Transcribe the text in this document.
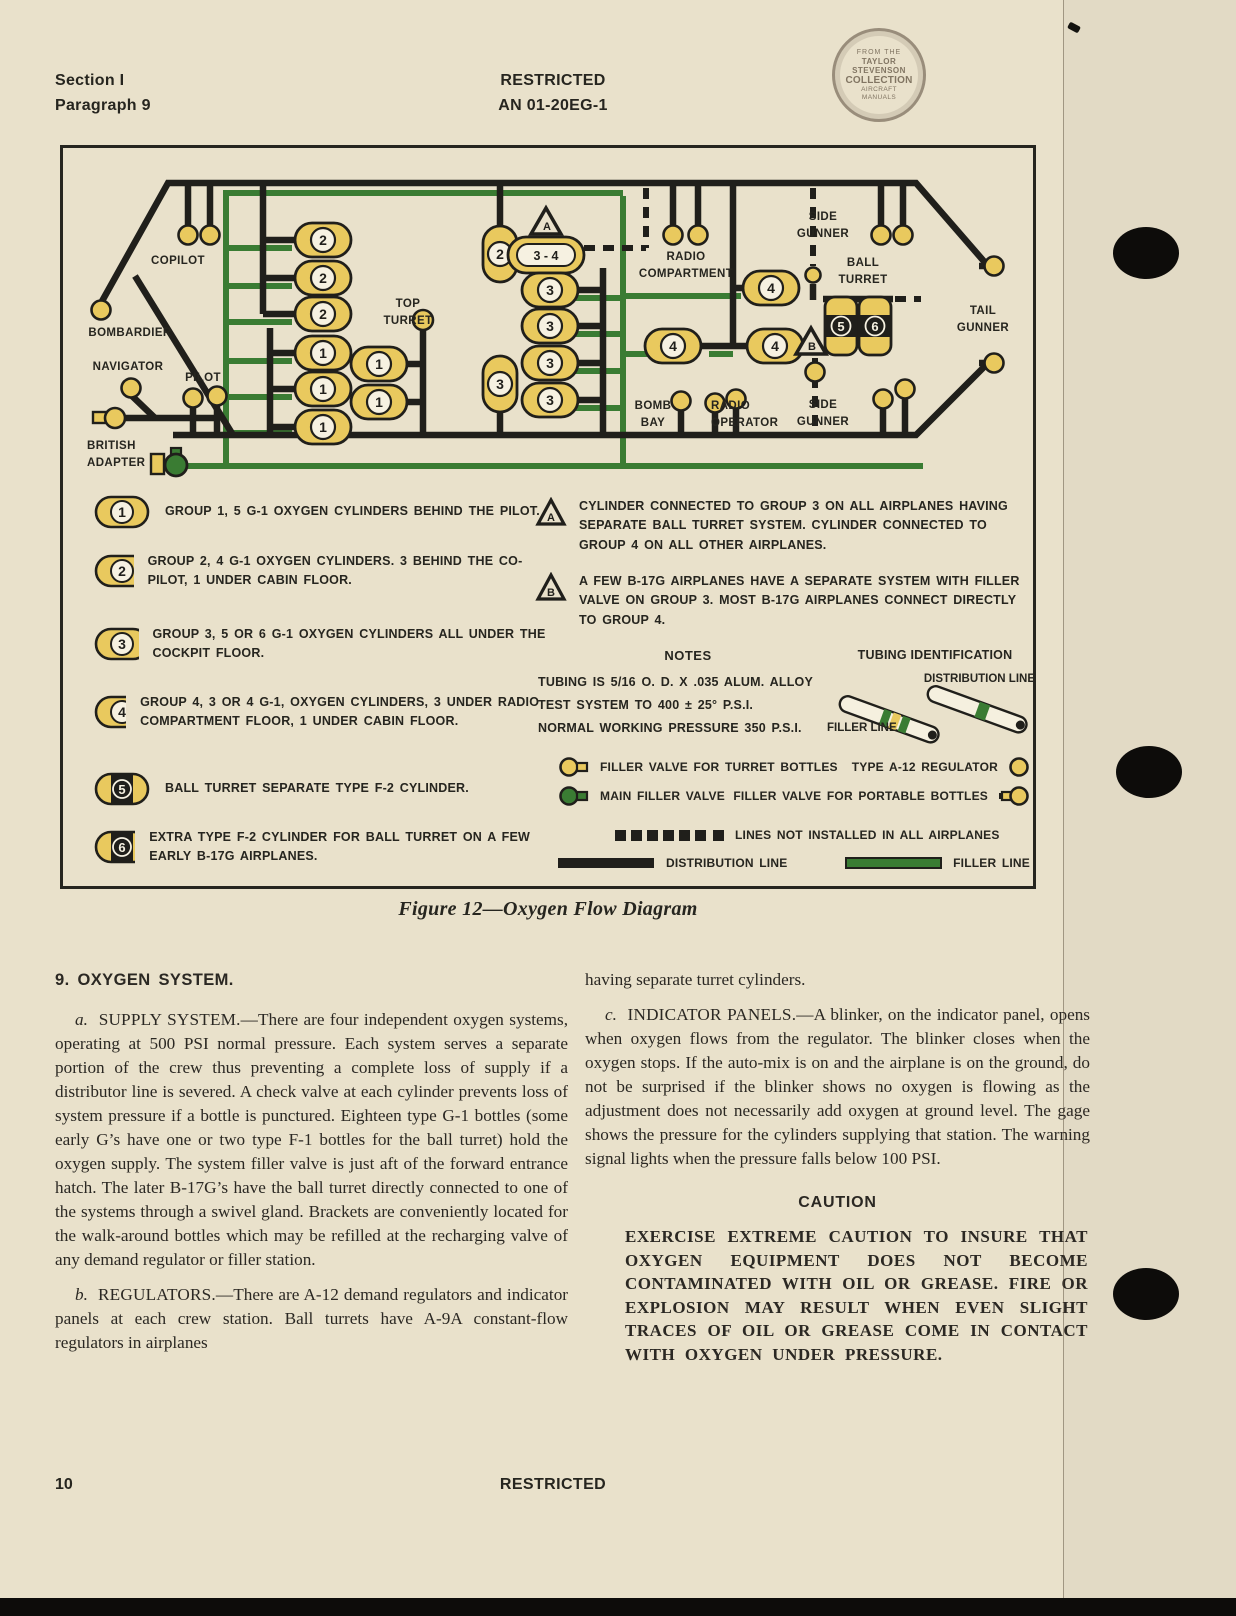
Section I
Paragraph 9
RESTRICTED
AN 01-20EG-1
FROM THE
TAYLOR
STEVENSON
COLLECTION
AIRCRAFT
MANUALS
2
2
2
2
1
1
1
1
1
A
3 - 4
3
3
3
3
3
4
4	4
5 6
B
COPILOT
BOMBARDIER
NAVIGATOR
PILOT
BRITISH
ADAPTER
TOP
TURRET
RADIO
COMPARTMENT
BOMB
BAY
RADIO
OPERATOR
SIDE
GUNNER
SIDE
GUNNER
BALL
TURRET
TAIL
GUNNER
1	GROUP 1, 5 G-1 OXYGEN CYLINDERS BEHIND THE PILOT.
2
GROUP 2, 4 G-1 OXYGEN CYLINDERS. 3 BEHIND THE CO-PILOT, 1 UNDER CABIN FLOOR.
3
GROUP 3, 5 OR 6 G-1 OXYGEN CYLINDERS ALL UNDER THE COCKPIT FLOOR.
4
GROUP 4, 3 OR 4 G-1, OXYGEN CYLINDERS, 3 UNDER RADIO COMPARTMENT FLOOR, 1 UNDER CABIN FLOOR.
5	BALL TURRET SEPARATE TYPE F-2 CYLINDER.
6
EXTRA TYPE F-2 CYLINDER FOR BALL TURRET ON A FEW EARLY B-17G AIRPLANES.
A
CYLINDER CONNECTED TO GROUP 3 ON ALL AIRPLANES HAVING SEPARATE BALL TURRET SYSTEM. CYLINDER CONNECTED TO GROUP 4 ON ALL OTHER AIRPLANES.
B
A FEW B-17G AIRPLANES HAVE A SEPARATE SYSTEM WITH FILLER VALVE ON GROUP 3. MOST B-17G AIRPLANES CONNECT DIRECTLY TO GROUP 4.
NOTES
TUBING IS 5/16 O. D. X .035 ALUM. ALLOY
TEST SYSTEM TO 400 ± 25° P.S.I.
NORMAL WORKING PRESSURE 350 P.S.I.
TUBING IDENTIFICATION
DISTRIBUTION LINE
FILLER LINE
FILLER VALVE FOR TURRET BOTTLES TYPE A-12 REGULATOR
MAIN FILLER VALVE FILLER VALVE FOR PORTABLE BOTTLES
LINES NOT INSTALLED IN ALL AIRPLANES
DISTRIBUTION LINE	FILLER LINE
Figure 12—Oxygen Flow Diagram
9. OXYGEN SYSTEM.

a. SUPPLY SYSTEM.—There are four independent oxygen systems, operating at 500 PSI normal pressure. Each system serves a separate portion of the crew thus preventing a complete loss of supply if a distributor line is severed. A check valve at each cylinder prevents loss of system pressure if a bottle is punctured. Eighteen type G-1 bottles (some early G’s have one or two type F-1 bottles for the ball turret) hold the oxygen supply. The system filler valve is just aft of the forward entrance hatch. The later B-17G’s have the ball turret directly connected to one of the systems through a swivel gland. Brackets are conveniently located for the walk-around bottles which may be refilled at the recharging valve of any demand regulator or filler station.

b. REGULATORS.—There are A-12 demand regulators and indicator panels at each crew station. Ball turrets have A-9A constant-flow regulators in airplanes

having separate turret cylinders.

c. INDICATOR PANELS.—A blinker, on the indicator panel, opens when oxygen flows from the regulator. The blinker closes when the oxygen stops. If the auto-mix is on and the airplane is on the ground, do not be surprised if the blinker shows no oxygen is flowing as the adjustment does not necessarily add oxygen at ground level. The gage shows the pressure for the cylinders supplying that station. The warning signal lights when the pressure falls below 100 PSI.

CAUTION
EXERCISE EXTREME CAUTION TO INSURE THAT OXYGEN EQUIPMENT DOES NOT BECOME CONTAMINATED WITH OIL OR GREASE. FIRE OR EXPLOSION MAY RESULT WHEN EVEN SLIGHT TRACES OF OIL OR GREASE COME IN CONTACT WITH OXYGEN UNDER PRESSURE.
10	RESTRICTED
